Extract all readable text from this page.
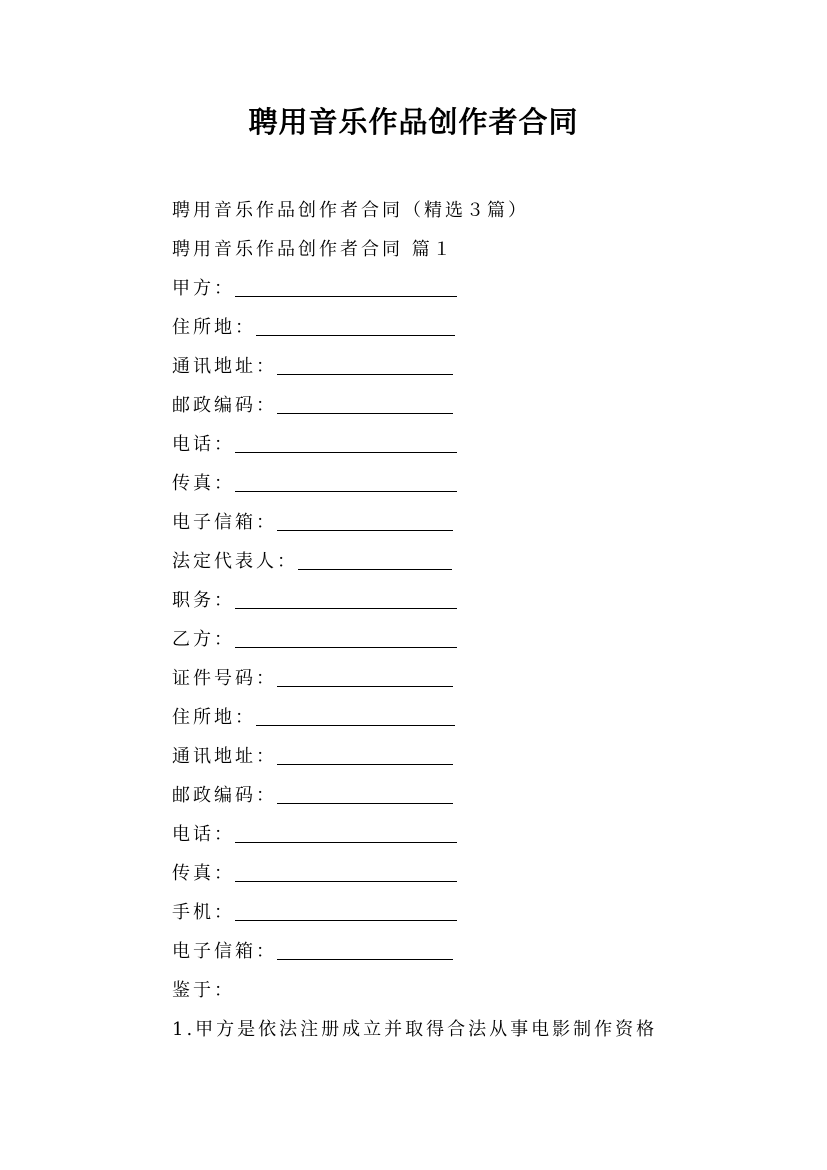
聘用音乐作品创作者合同
聘用音乐作品创作者合同（精选３篇）
聘用音乐作品创作者合同 篇１
甲方：
住所地：
通讯地址：
邮政编码：
电话：
传真：
电子信箱：
法定代表人：
职务：
乙方：
证件号码：
住所地：
通讯地址：
邮政编码：
电话：
传真：
手机：
电子信箱：
鉴于：
1.甲方是依法注册成立并取得合法从事电影制作资格
